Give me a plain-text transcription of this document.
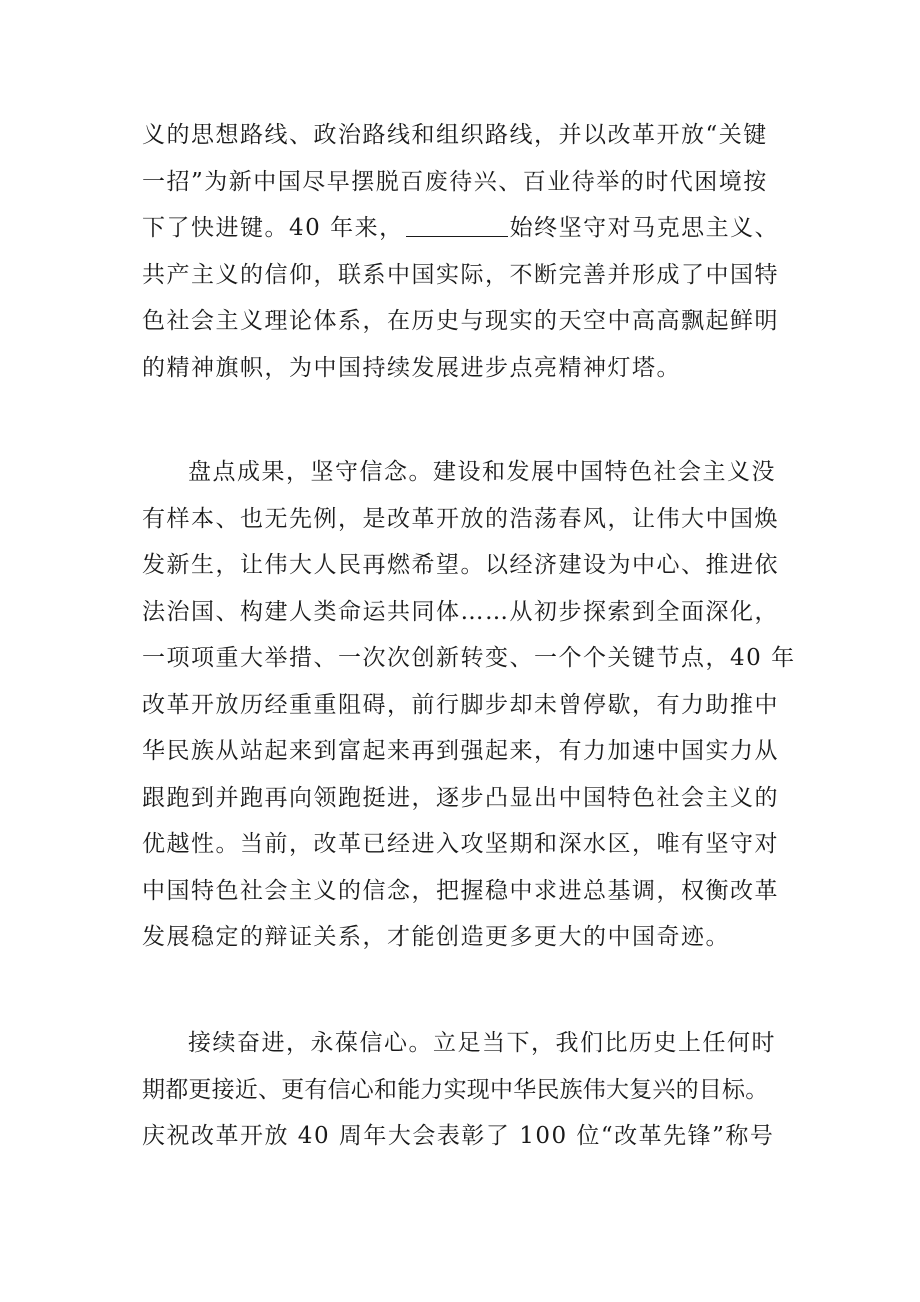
义的思想路线、政治路线和组织路线，并以改革开放“关键
一招”为新中国尽早摆脱百废待兴、百业待举的时代困境按
下了快进键。40 年来，	始终坚守对马克思主义、
共产主义的信仰，联系中国实际，不断完善并形成了中国特
色社会主义理论体系，在历史与现实的天空中高高飘起鲜明
的精神旗帜，为中国持续发展进步点亮精神灯塔。
盘点成果，坚守信念。建设和发展中国特色社会主义没
有样本、也无先例，是改革开放的浩荡春风，让伟大中国焕
发新生，让伟大人民再燃希望。以经济建设为中心、推进依
法治国、构建人类命运共同体……从初步探索到全面深化，
一项项重大举措、一次次创新转变、一个个关键节点，40 年
改革开放历经重重阻碍，前行脚步却未曾停歇，有力助推中
华民族从站起来到富起来再到强起来，有力加速中国实力从
跟跑到并跑再向领跑挺进，逐步凸显出中国特色社会主义的
优越性。当前，改革已经进入攻坚期和深水区，唯有坚守对
中国特色社会主义的信念，把握稳中求进总基调，权衡改革
发展稳定的辩证关系，才能创造更多更大的中国奇迹。
接续奋进，永葆信心。立足当下，我们比历史上任何时
期都更接近、更有信心和能力实现中华民族伟大复兴的目标。
庆祝改革开放 40 周年大会表彰了 100 位“改革先锋”称号
